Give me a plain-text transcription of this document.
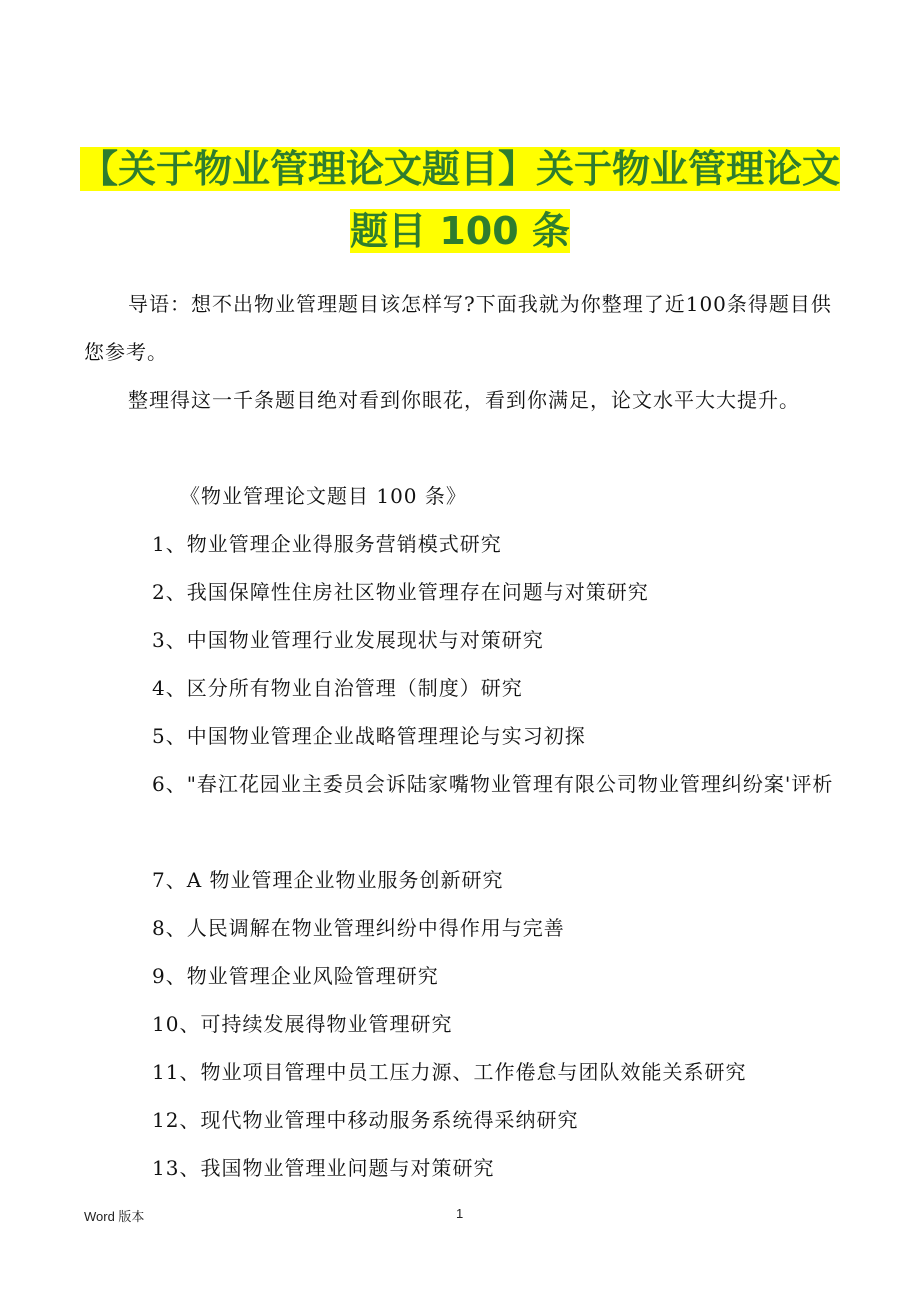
【关于物业管理论文题目】关于物业管理论文
题目 100 条

导语：想不出物业管理题目该怎样写?下面我就为你整理了近100条得题目供您参考。

整理得这一千条题目绝对看到你眼花，看到你满足，论文水平大大提升。

《物业管理论文题目 100 条》

1、物业管理企业得服务营销模式研究

2、我国保障性住房社区物业管理存在问题与对策研究

3、中国物业管理行业发展现状与对策研究

4、区分所有物业自治管理（制度）研究

5、中国物业管理企业战略管理理论与实习初探

6、"春江花园业主委员会诉陆家嘴物业管理有限公司物业管理纠纷案'评析

7、A 物业管理企业物业服务创新研究

8、人民调解在物业管理纠纷中得作用与完善

9、物业管理企业风险管理研究

10、可持续发展得物业管理研究

11、物业项目管理中员工压力源、工作倦怠与团队效能关系研究

12、现代物业管理中移动服务系统得采纳研究

13、我国物业管理业问题与对策研究

Word 版本	1
